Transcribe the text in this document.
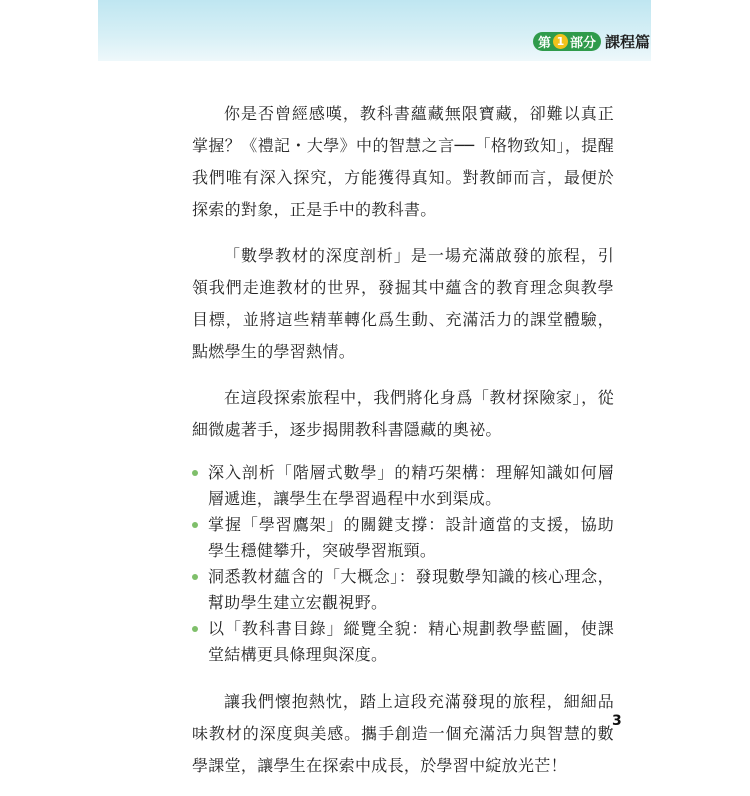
第 1 部分 課程篇

你是否曾經感嘆，教科書蘊藏無限寶藏，卻難以真正掌握？《禮記・大學》中的智慧之言──「格物致知」，提醒我們唯有深入探究，方能獲得真知。對教師而言，最便於探索的對象，正是手中的教科書。

「數學教材的深度剖析」是一場充滿啟發的旅程，引領我們走進教材的世界，發掘其中蘊含的教育理念與教學目標，並將這些精華轉化爲生動、充滿活力的課堂體驗，點燃學生的學習熱情。

在這段探索旅程中，我們將化身爲「教材探險家」，從細微處著手，逐步揭開教科書隱藏的奧祕。

深入剖析「階層式數學」的精巧架構：理解知識如何層層遞進，讓學生在學習過程中水到渠成。
掌握「學習鷹架」的關鍵支撐：設計適當的支援，協助學生穩健攀升，突破學習瓶頸。
洞悉教材蘊含的「大概念」：發現數學知識的核心理念，幫助學生建立宏觀視野。
以「教科書目錄」縱覽全貌：精心規劃教學藍圖，使課堂結構更具條理與深度。

讓我們懷抱熱忱，踏上這段充滿發現的旅程，細細品味教材的深度與美感。攜手創造一個充滿活力與智慧的數學課堂，讓學生在探索中成長，於學習中綻放光芒！

3
